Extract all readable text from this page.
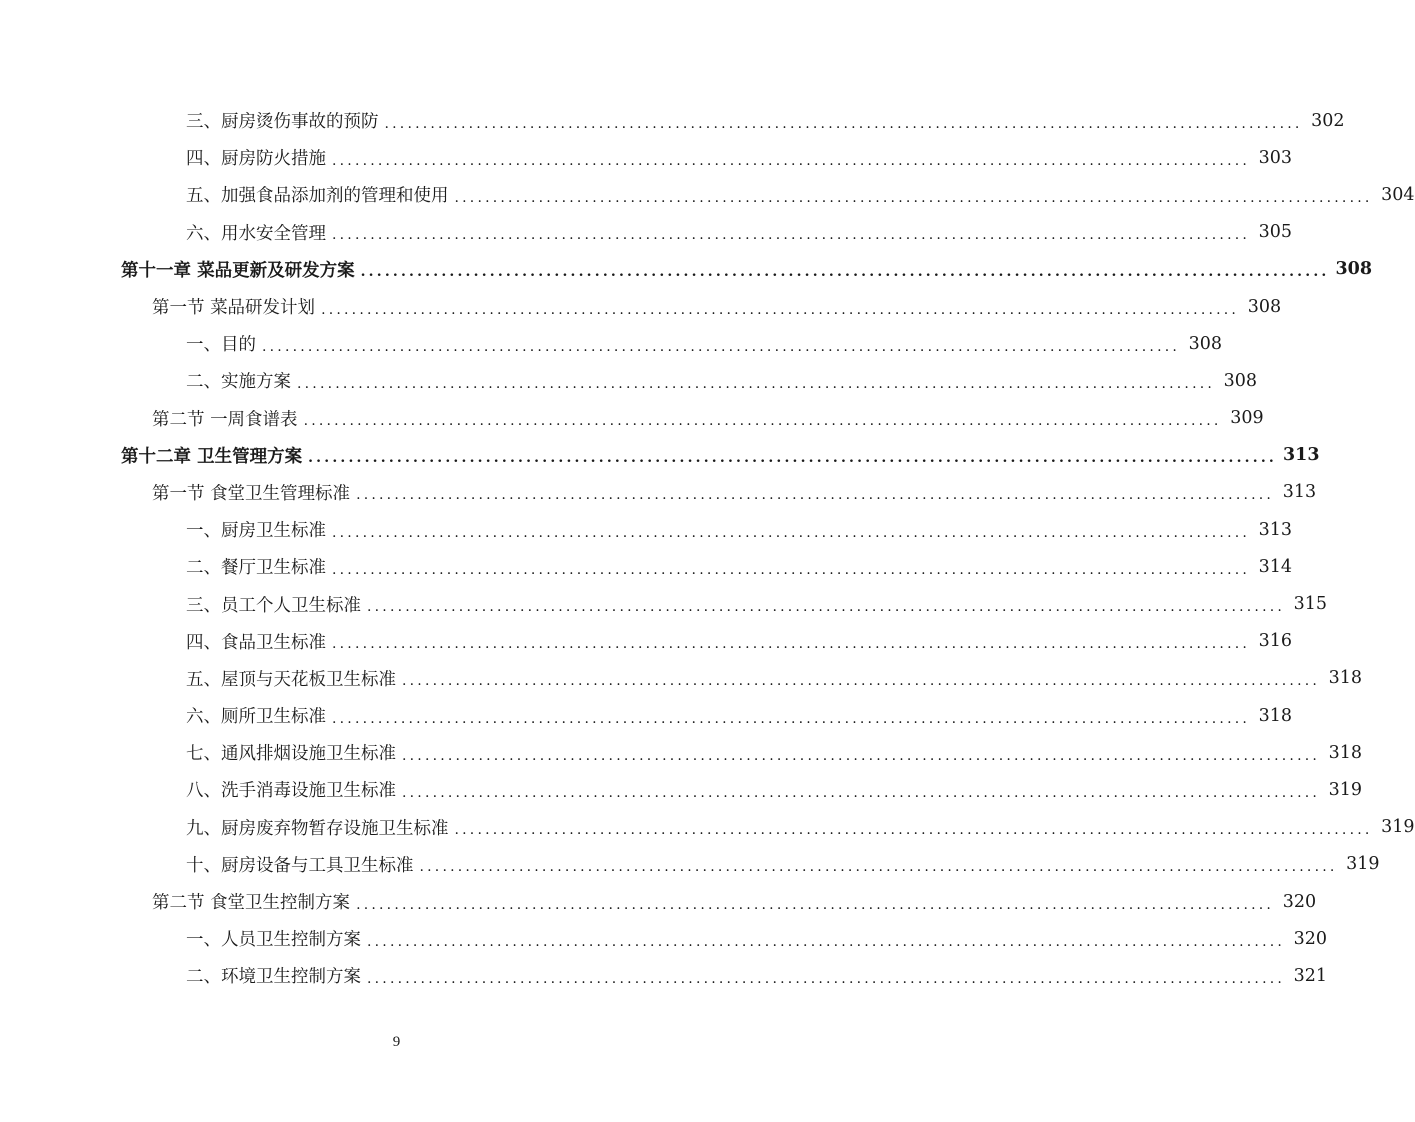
三、厨房烫伤事故的预防 ........................................................................................................................ 302
四、厨房防火措施 ........................................................................................................................ 303
五、加强食品添加剂的管理和使用 ........................................................................................................................ 304
六、用水安全管理 ........................................................................................................................ 305
第十一章 菜品更新及研发方案 ........................................................................................................................ 308
第一节 菜品研发计划 ........................................................................................................................ 308
一、目的 ........................................................................................................................ 308
二、实施方案 ........................................................................................................................ 308
第二节 一周食谱表 ........................................................................................................................ 309
第十二章 卫生管理方案 ........................................................................................................................ 313
第一节 食堂卫生管理标准 ........................................................................................................................ 313
一、厨房卫生标准 ........................................................................................................................ 313
二、餐厅卫生标准 ........................................................................................................................ 314
三、员工个人卫生标准 ........................................................................................................................ 315
四、食品卫生标准 ........................................................................................................................ 316
五、屋顶与天花板卫生标准 ........................................................................................................................ 318
六、厕所卫生标准 ........................................................................................................................ 318
七、通风排烟设施卫生标准 ........................................................................................................................ 318
八、洗手消毒设施卫生标准 ........................................................................................................................ 319
九、厨房废弃物暂存设施卫生标准 ........................................................................................................................ 319
十、厨房设备与工具卫生标准 ........................................................................................................................ 319
第二节 食堂卫生控制方案 ........................................................................................................................ 320
一、人员卫生控制方案 ........................................................................................................................ 320
二、环境卫生控制方案 ........................................................................................................................ 321
9
